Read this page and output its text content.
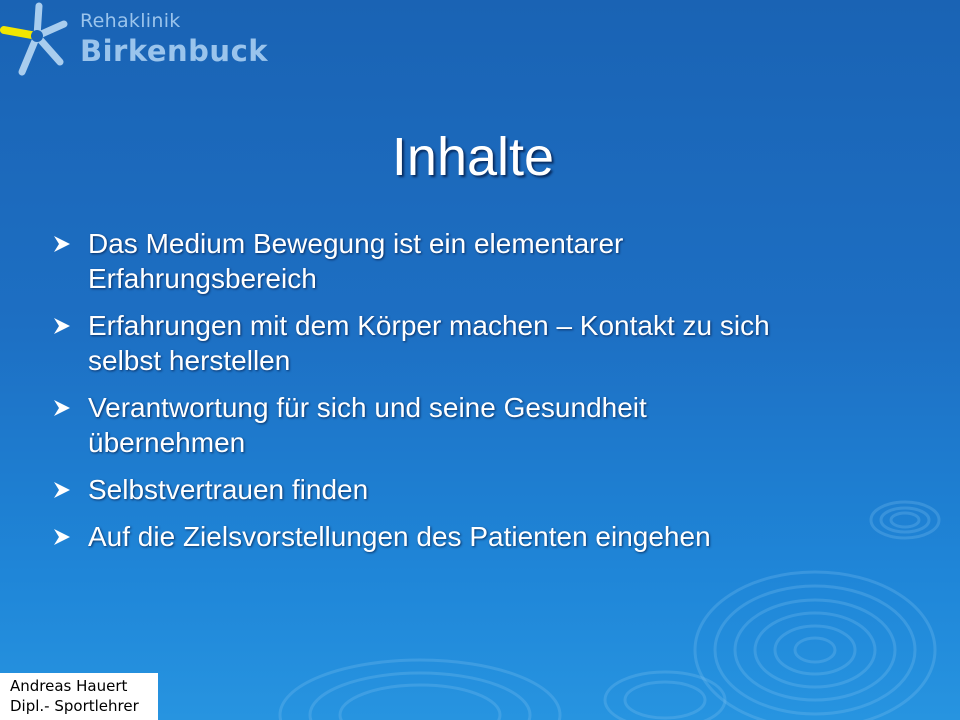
Rehaklinik
Birkenbuck
Inhalte
Das Medium Bewegung ist ein elementarer
Erfahrungsbereich
Erfahrungen mit dem Körper machen – Kontakt zu sich
selbst herstellen
Verantwortung für sich und seine Gesundheit
übernehmen
Selbstvertrauen finden
Auf die Zielsvorstellungen des Patienten eingehen
Andreas Hauert
Dipl.- Sportlehrer
